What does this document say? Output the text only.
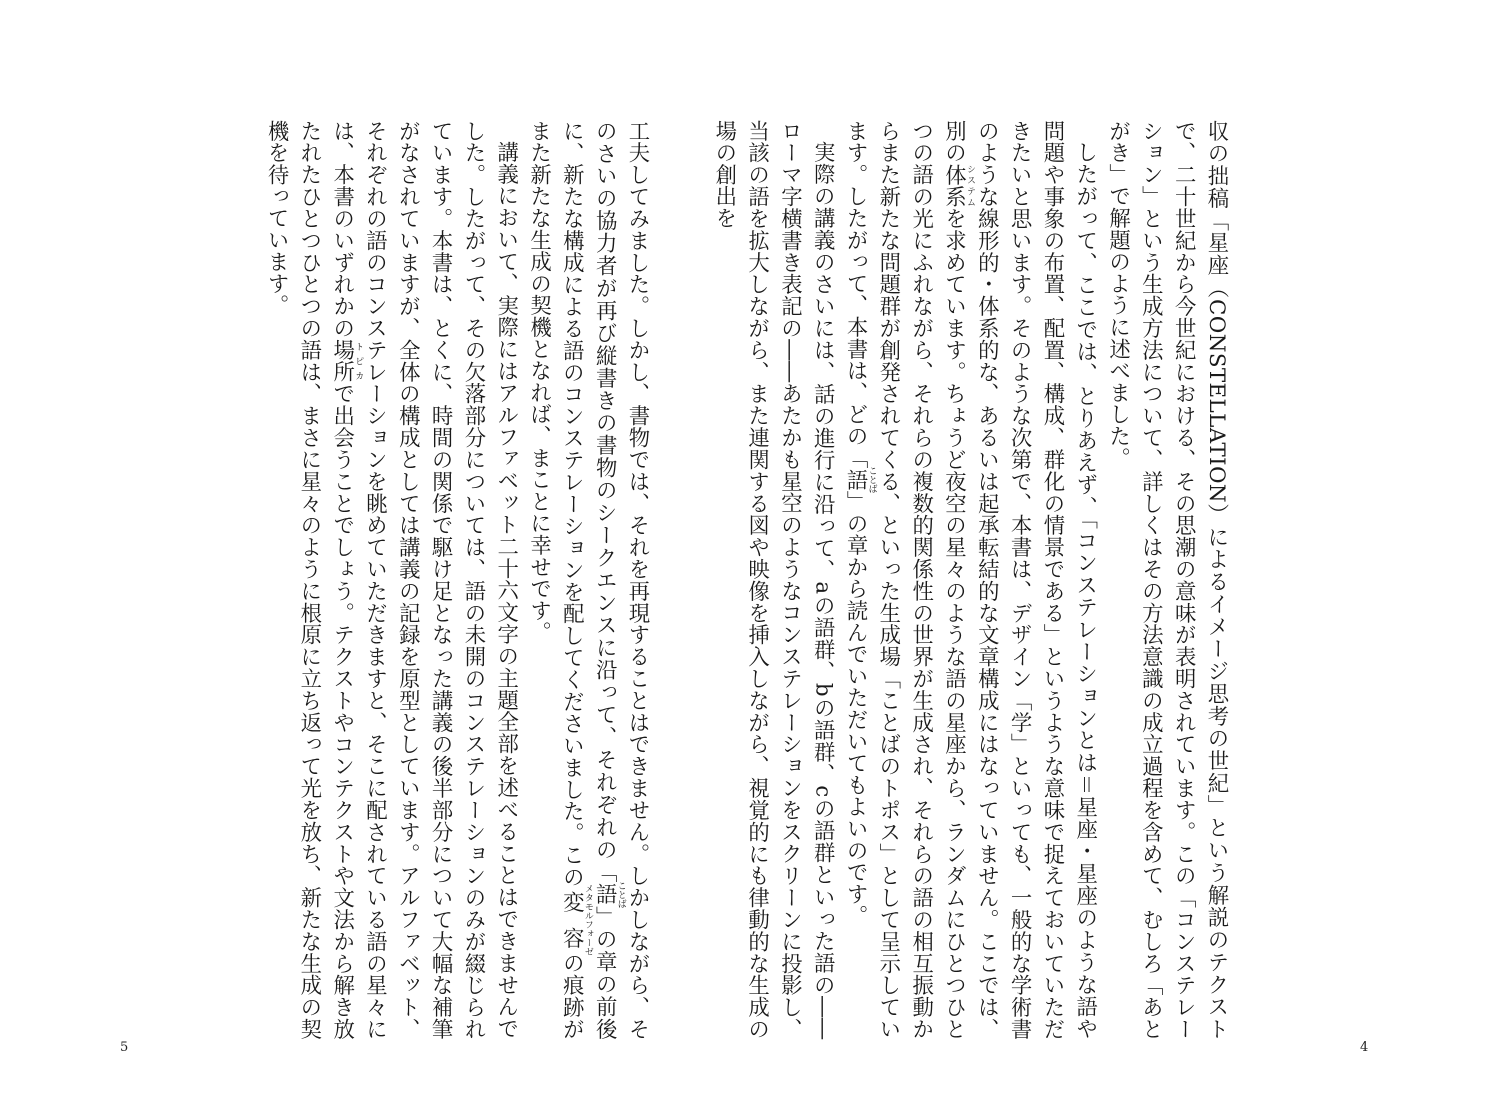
収の拙稿「星座（CONSTELLATION）によるイメージ思考の世紀」という解説のテクストで、二十世紀から今世紀における、その思潮の意味が表明されています。この「コンステレーション」という生成方法について、詳しくはその方法意識の成立過程を含めて、むしろ「あとがき」で解題のように述べました。

したがって、ここでは、とりあえず、「コンステレーションとは＝星座・星座のような語や問題や事象の布置、配置、構成、群化の情景である」というような意味で捉えておいていただきたいと思います。そのような次第で、本書は、デザイン「学」といっても、一般的な学術書のような線形的・体系的な、あるいは起承転結的な文章構成にはなっていません。ここでは、別の体系システムを求めています。ちょうど夜空の星々のような語の星座から、ランダムにひとつひとつの語の光にふれながら、それらの複数的関係性の世界が生成され、それらの語の相互振動からまた新たな問題群が創発されてくる、といった生成場「ことばのトポス」として呈示しています。したがって、本書は、どの「語ことば」の章から読んでいただいてもよいのです。

実際の講義のさいには、話の進行に沿って、aの語群、bの語群、cの語群といった語の――ローマ字横書き表記の――あたかも星空のようなコンステレーションをスクリーンに投影し、当該の語を拡大しながら、また連関する図や映像を挿入しながら、視覚的にも律動的な生成の場の創出を

4

工夫してみました。しかし、書物では、それを再現することはできません。しかしながら、そのさいの協力者が再び縦書きの書物のシークエンスに沿って、それぞれの「語ことば」の章の前後に、新たな構成による語のコンステレーションを配してくださいました。この変容メタモルフォーゼの痕跡がまた新たな生成の契機となれば、まことに幸せです。

講義において、実際にはアルファベット二十六文字の主題全部を述べることはできませんでした。したがって、その欠落部分については、語の未開のコンステレーションのみが綴じられています。本書は、とくに、時間の関係で駆け足となった講義の後半部分について大幅な補筆がなされていますが、全体の構成としては講義の記録を原型としています。アルファベット、それぞれの語のコンステレーションを眺めていただきますと、そこに配されている語の星々には、本書のいずれかの場所トピカで出会うことでしょう。テクストやコンテクストや文法から解き放たれたひとつひとつの語は、まさに星々のように根原に立ち返って光を放ち、新たな生成の契機を待っています。

5
